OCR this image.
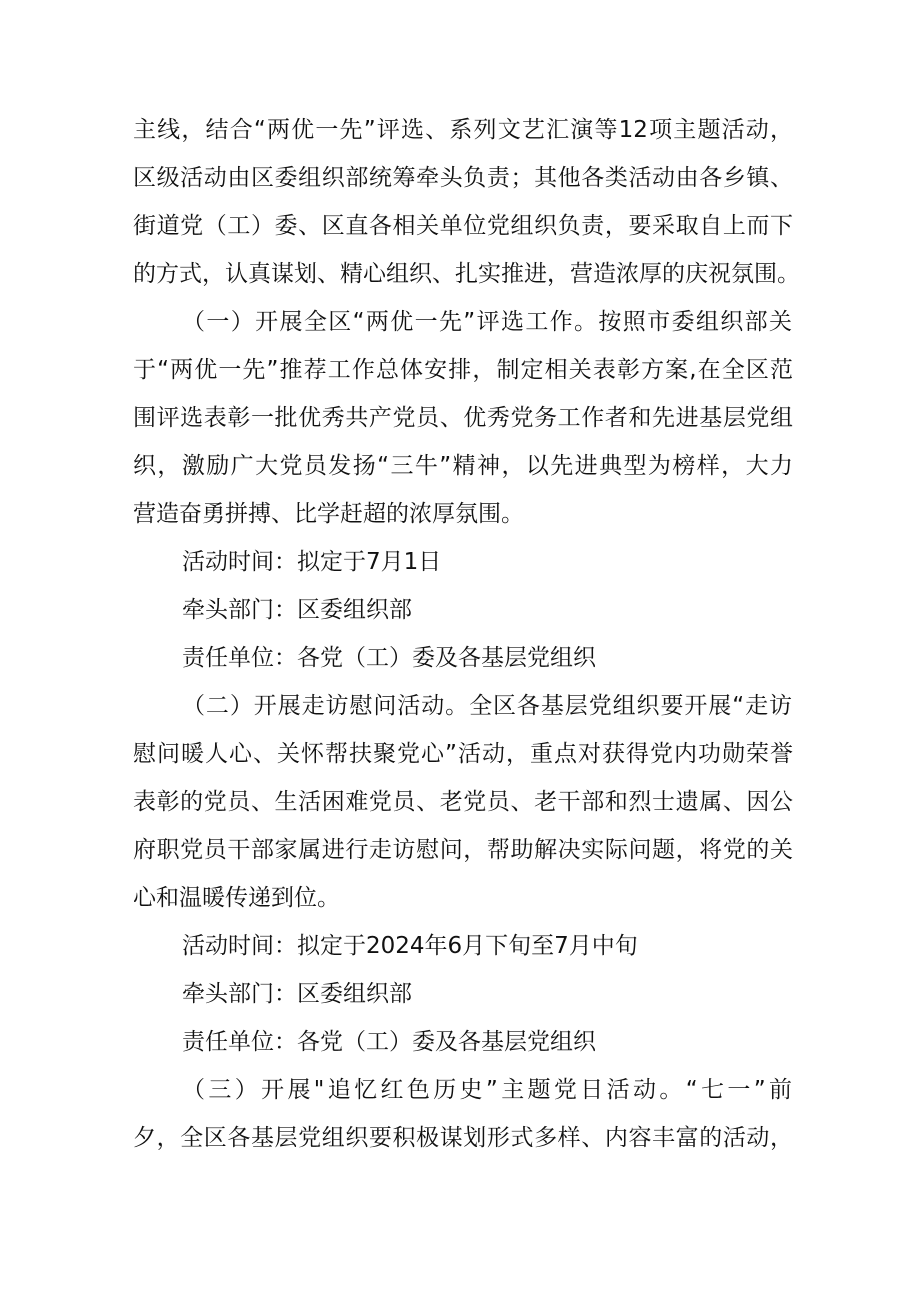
主线，结合“两优一先”评选、系列文艺汇演等12项主题活动，
区级活动由区委组织部统筹牵头负责；其他各类活动由各乡镇、
街道党（工）委、区直各相关单位党组织负责，要采取自上而下
的方式，认真谋划、精心组织、扎实推进，营造浓厚的庆祝氛围。
（一）开展全区“两优一先”评选工作。按照市委组织部关
于“两优一先”推荐工作总体安排，制定相关表彰方案,在全区范
围评选表彰一批优秀共产党员、优秀党务工作者和先进基层党组
织，激励广大党员发扬“三牛”精神，以先进典型为榜样，大力
营造奋勇拼搏、比学赶超的浓厚氛围。
活动时间：拟定于7月1日
牵头部门：区委组织部
责任单位：各党（工）委及各基层党组织
（二）开展走访慰问活动。全区各基层党组织要开展“走访
慰问暖人心、关怀帮扶聚党心”活动，重点对获得党内功勋荣誉
表彰的党员、生活困难党员、老党员、老干部和烈士遗属、因公
府职党员干部家属进行走访慰问，帮助解决实际问题，将党的关
心和温暖传递到位。
活动时间：拟定于2024年6月下旬至7月中旬
牵头部门：区委组织部
责任单位：各党（工）委及各基层党组织
（三）开展"追忆红色历史”主题党日活动。“七一”前
夕，全区各基层党组织要积极谋划形式多样、内容丰富的活动，
